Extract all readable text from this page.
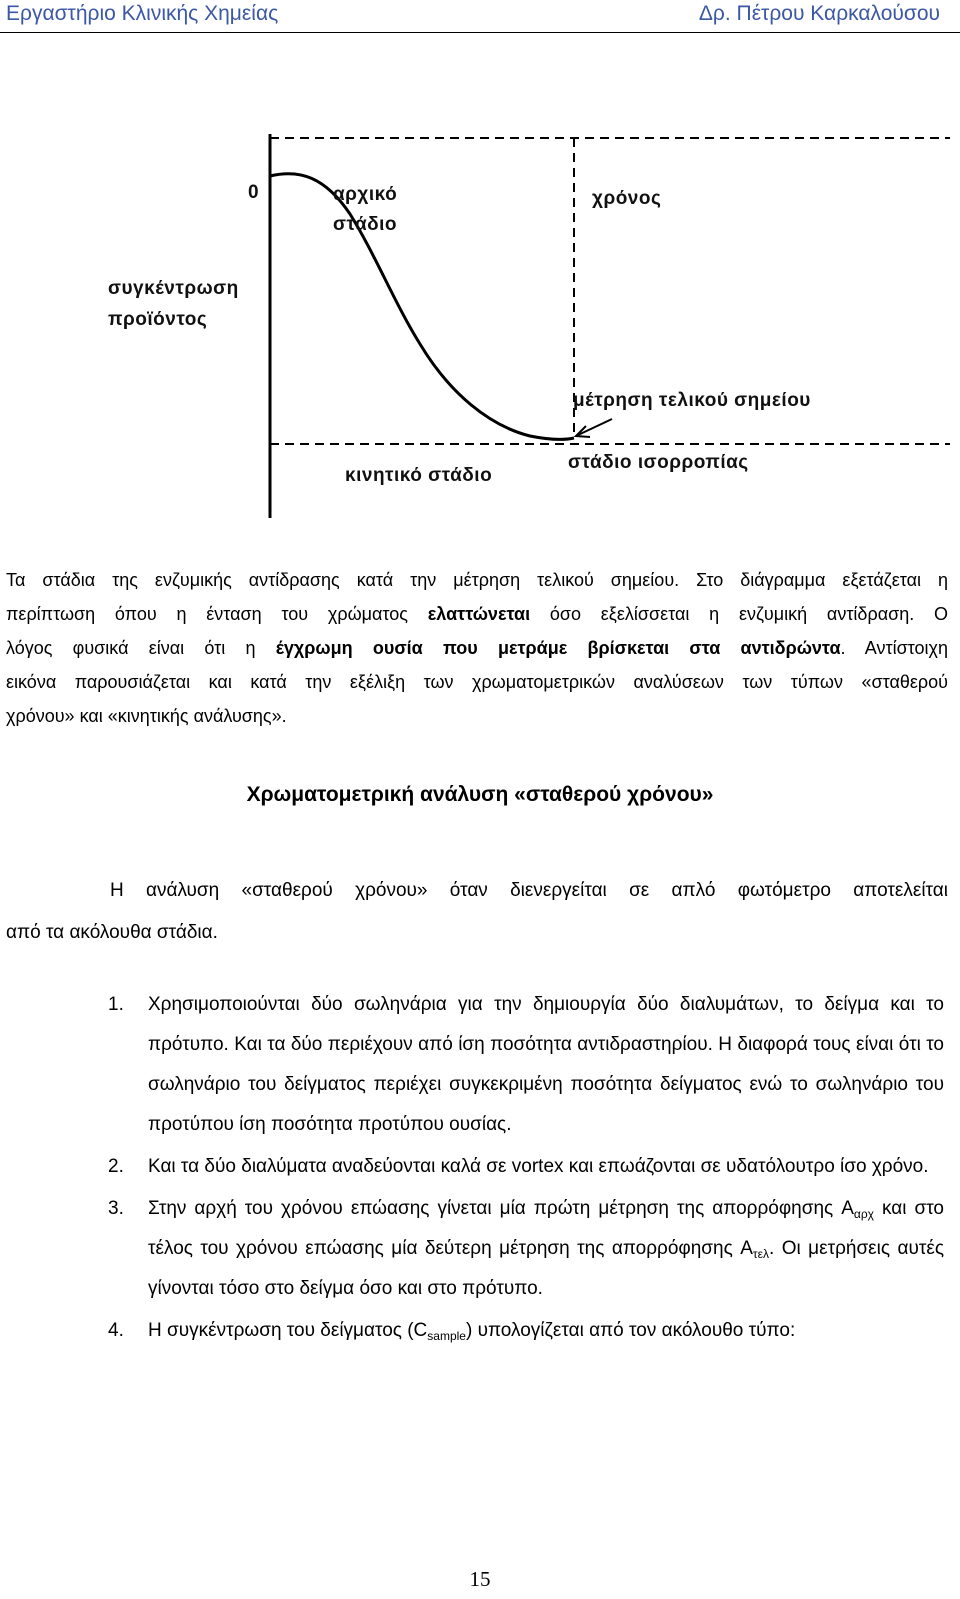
Εργαστήριο Κλινικής Χημείας	Δρ. Πέτρου Καρκαλούσου
0	αρχικό
στάδιο
χρόνος
συγκέντρωση
προϊόντος
μέτρηση τελικού σημείου
κινητικό στάδιο
στάδιο ισορροπίας
Τα στάδια της ενζυμικής αντίδρασης κατά την μέτρηση τελικού σημείου. Στο διάγραμμα εξετάζεται η
περίπτωση όπου η ένταση του χρώματος ελαττώνεται όσο εξελίσσεται η ενζυμική αντίδραση. Ο
λόγος φυσικά είναι ότι η έγχρωμη ουσία που μετράμε βρίσκεται στα αντιδρώντα. Αντίστοιχη
εικόνα παρουσιάζεται και κατά την εξέλιξη των χρωματομετρικών αναλύσεων των τύπων «σταθερού
χρόνου» και «κινητικής ανάλυσης».
Χρωματομετρική ανάλυση «σταθερού χρόνου»
Η ανάλυση «σταθερού χρόνου» όταν διενεργείται σε απλό φωτόμετρο αποτελείται
από τα ακόλουθα στάδια.
1. Χρησιμοποιούνται δύο σωληνάρια για την δημιουργία δύο διαλυμάτων, το δείγμα και το πρότυπο. Και τα δύο περιέχουν από ίση ποσότητα αντιδραστηρίου. Η διαφορά τους είναι ότι το σωληνάριο του δείγματος περιέχει συγκεκριμένη ποσότητα δείγματος ενώ το σωληνάριο του προτύπου ίση ποσότητα προτύπου ουσίας.
2. Και τα δύο διαλύματα αναδεύονται καλά σε vortex και επωάζονται σε υδατόλουτρο ίσο χρόνο.
3. Στην αρχή του χρόνου επώασης γίνεται μία πρώτη μέτρηση της απορρόφησης $A_{\alpha\rho\chi}$ και στο τέλος του χρόνου επώασης μία δεύτερη μέτρηση της απορρόφησης $A_{\tau\varepsilon\lambda}$. Οι μετρήσεις αυτές γίνονται τόσο στο δείγμα όσο και στο πρότυπο.
4. Η συγκέντρωση του δείγματος $(C_{sample})$ υπολογίζεται από τον ακόλουθο τύπο:
15
